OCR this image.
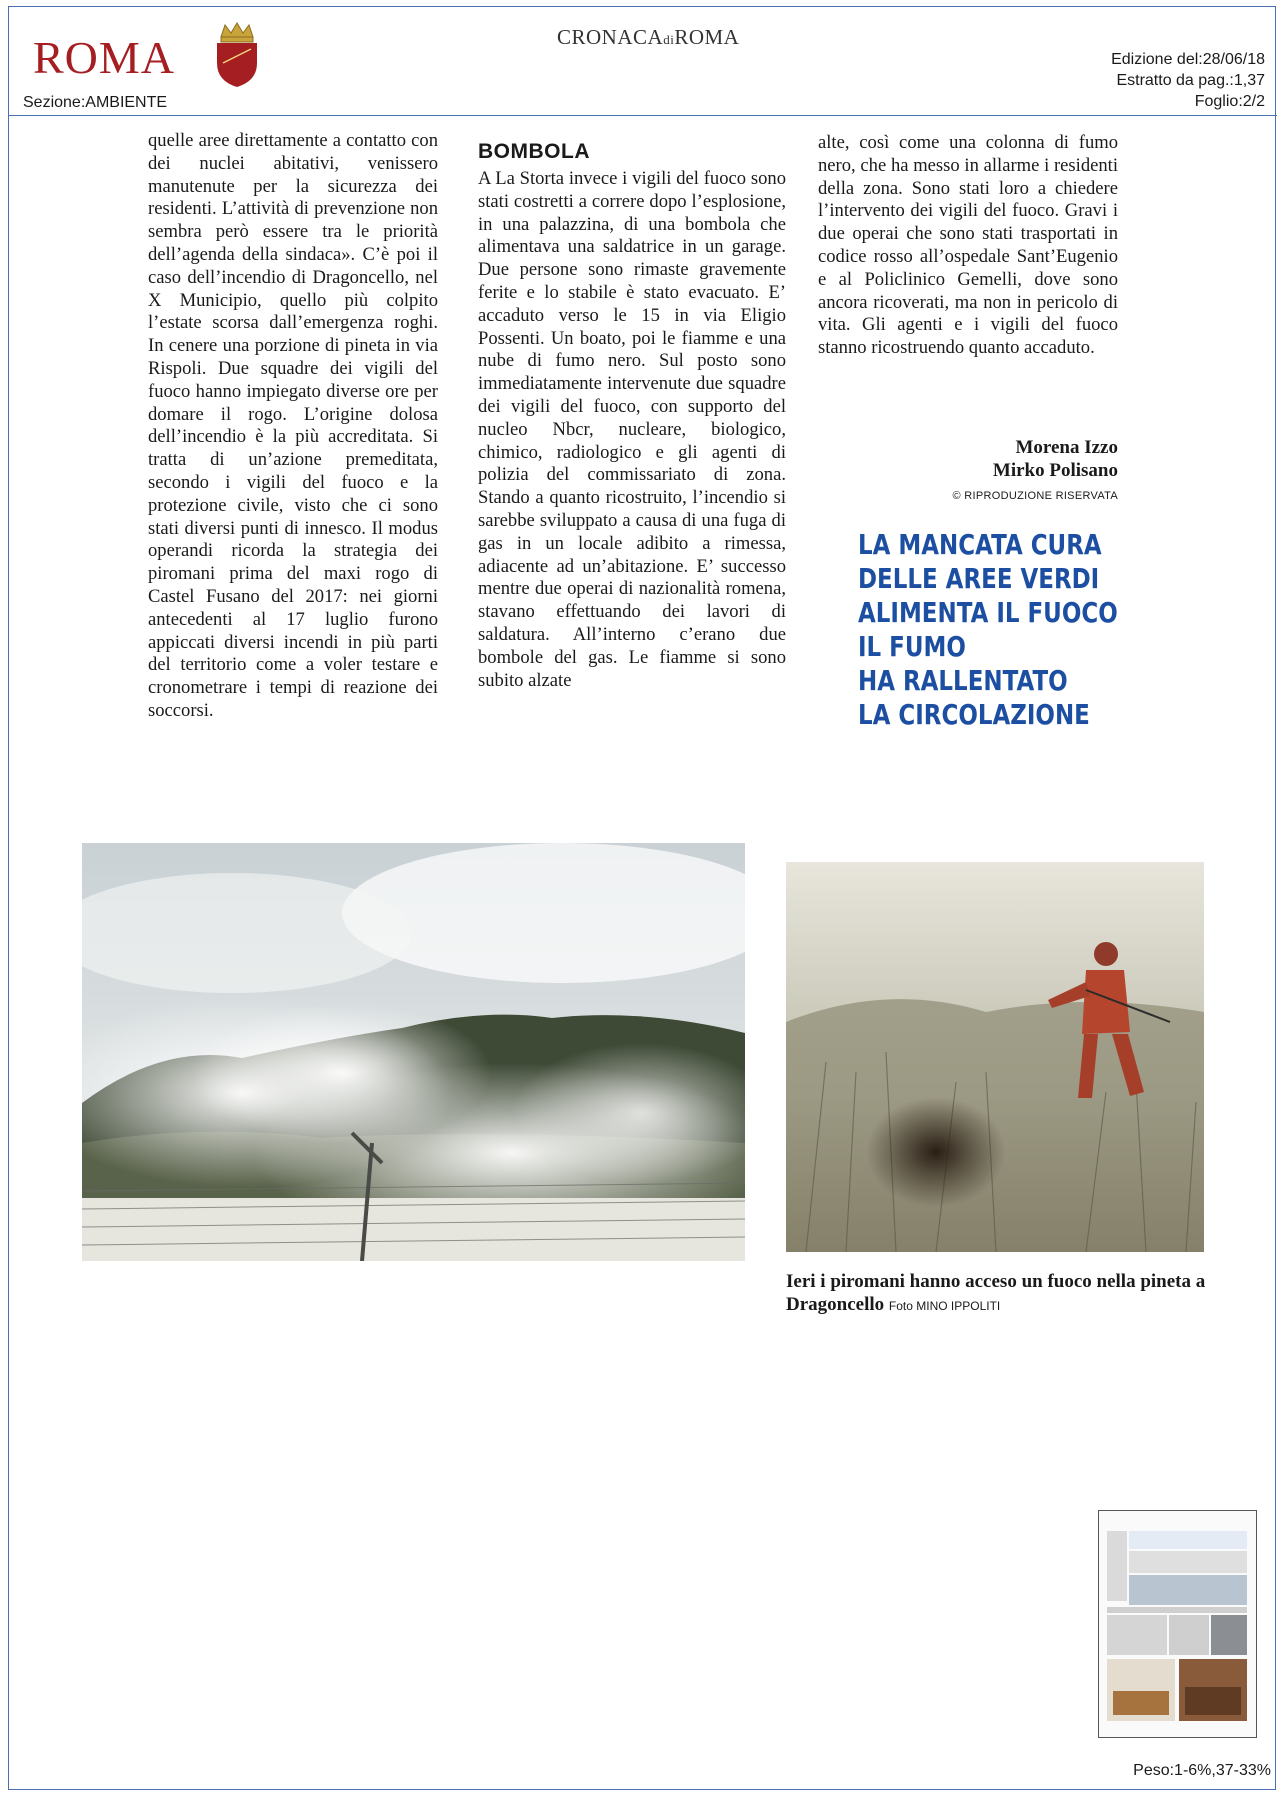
ROMA
Sezione:AMBIENTE
CRONACAdiROMA
Edizione del:28/06/18
Estratto da pag.:1,37
Foglio:2/2

quelle aree direttamente a contatto con dei nuclei abitativi, venissero manutenute per la sicurezza dei residenti. L’attività di prevenzione non sembra però essere tra le priorità dell’agenda della sindaca». C’è poi il caso dell’incendio di Dragoncello, nel X Municipio, quello più colpito l’estate scorsa dall’emergenza roghi. In cenere una porzione di pineta in via Rispoli. Due squadre dei vigili del fuoco hanno impiegato diverse ore per domare il rogo. L’origine dolosa dell’incendio è la più accreditata. Si tratta di un’azione premeditata, secondo i vigili del fuoco e la protezione civile, visto che ci sono stati diversi punti di innesco. Il modus operandi ricorda la strategia dei piromani prima del maxi rogo di Castel Fusano del 2017: nei giorni antecedenti al 17 luglio furono appiccati diversi incendi in più parti del territorio come a voler testare e cronometrare i tempi di reazione dei soccorsi.

BOMBOLA

A La Storta invece i vigili del fuoco sono stati costretti a correre dopo l’esplosione, in una palazzina, di una bombola che alimentava una saldatrice in un garage. Due persone sono rimaste gravemente ferite e lo stabile è stato evacuato. E’ accaduto verso le 15 in via Eligio Possenti. Un boato, poi le fiamme e una nube di fumo nero. Sul posto sono immediatamente intervenute due squadre dei vigili del fuoco, con supporto del nucleo Nbcr, nucleare, biologico, chimico, radiologico e gli agenti di polizia del commissariato di zona. Stando a quanto ricostruito, l’incendio si sarebbe sviluppato a causa di una fuga di gas in un locale adibito a rimessa, adiacente ad un’abitazione. E’ successo mentre due operai di nazionalità romena, stavano effettuando dei lavori di saldatura. All’interno c’erano due bombole del gas. Le fiamme si sono subito alzate

alte, così come una colonna di fumo nero, che ha messo in allarme i residenti della zona. Sono stati loro a chiedere l’intervento dei vigili del fuoco. Gravi i due operai che sono stati trasportati in codice rosso all’ospedale Sant’Eugenio e al Policlinico Gemelli, dove sono ancora ricoverati, ma non in pericolo di vita. Gli agenti e i vigili del fuoco stanno ricostruendo quanto accaduto.

Morena Izzo
Mirko Polisano
© RIPRODUZIONE RISERVATA
LA MANCATA CURA
DELLE AREE VERDI
ALIMENTA IL FUOCO
IL FUMO
HA RALLENTATO
LA CIRCOLAZIONE
Ieri i piromani hanno acceso un fuoco nella pineta a Dragoncello Foto MINO IPPOLITI
Peso:1-6%,37-33%
